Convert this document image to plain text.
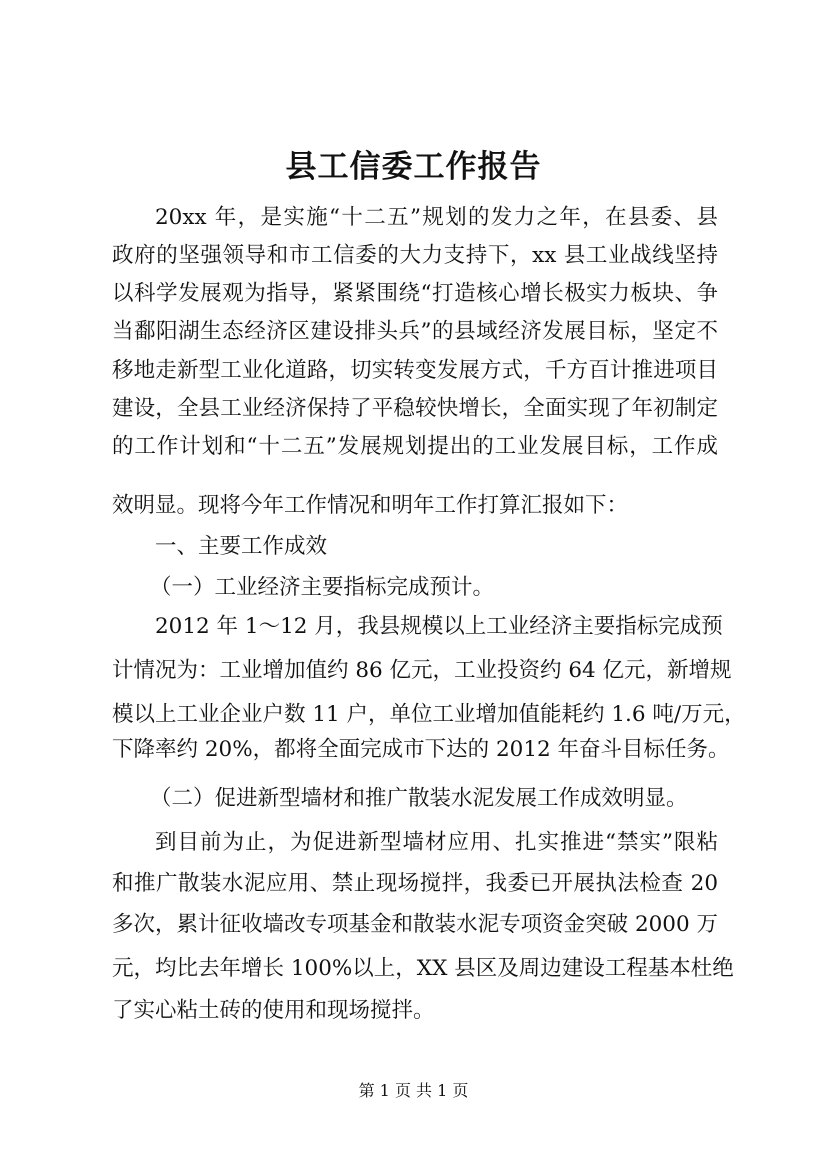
县工信委工作报告
20xx 年，是实施“十二五”规划的发力之年，在县委、县
政府的坚强领导和市工信委的大力支持下，xx 县工业战线坚持
以科学发展观为指导，紧紧围绕“打造核心增长极实力板块、争
当鄱阳湖生态经济区建设排头兵”的县域经济发展目标，坚定不
移地走新型工业化道路，切实转变发展方式，千方百计推进项目
建设，全县工业经济保持了平稳较快增长，全面实现了年初制定
的工作计划和“十二五”发展规划提出的工业发展目标，工作成
效明显。现将今年工作情况和明年工作打算汇报如下：
一、主要工作成效
（一）工业经济主要指标完成预计。
2012 年 1～12 月，我县规模以上工业经济主要指标完成预
计情况为：工业增加值约 86 亿元，工业投资约 64 亿元，新增规
模以上工业企业户数 11 户，单位工业增加值能耗约 1.6 吨/万元，
下降率约 20%，都将全面完成市下达的 2012 年奋斗目标任务。
（二）促进新型墙材和推广散装水泥发展工作成效明显。
到目前为止，为促进新型墙材应用、扎实推进“禁实”限粘
和推广散装水泥应用、禁止现场搅拌，我委已开展执法检查 20
多次，累计征收墙改专项基金和散装水泥专项资金突破 2000 万
元，均比去年增长 100%以上，XX 县区及周边建设工程基本杜绝
了实心粘土砖的使用和现场搅拌。
第 1 页 共 1 页
